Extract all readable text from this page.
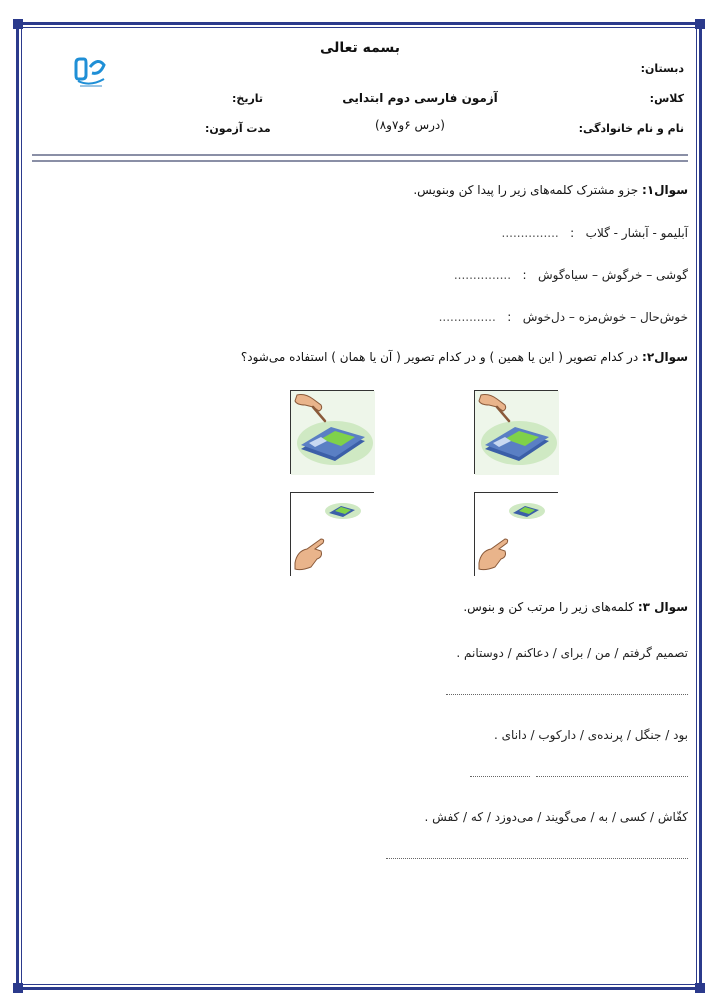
بسمه تعالی
آزمون فارسی دوم ابتدایی
(درس ۶و۷و۸)
دبستان:
کلاس:
نام و نام خانوادگی:
تاریخ:
مدت آزمون:
سوال۱: جزو مشترک کلمه‌های زیر را پیدا کن وبنویس.
آبلیمو - آبشار - گلاب   :   ...............
گوشی – خرگوش – سیاه‌گوش   :   ...............
خوش‌حال – خوش‌مزه – دل‌خوش   :   ...............
سوال۲: در کدام تصویر ( این یا همین ) و در کدام تصویر ( آن یا همان ) استفاده می‌شود؟
سوال ۳: کلمه‌های زیر را مرتب کن و بنوس.
تصمیم گرفتم / من / برای / دعاکنم / دوستانم .
بود / جنگل / پرنده‌ی / دارکوب / دانای .
کفّاش / کسی / به / می‌گویند / می‌دوزد / که / کفش .
